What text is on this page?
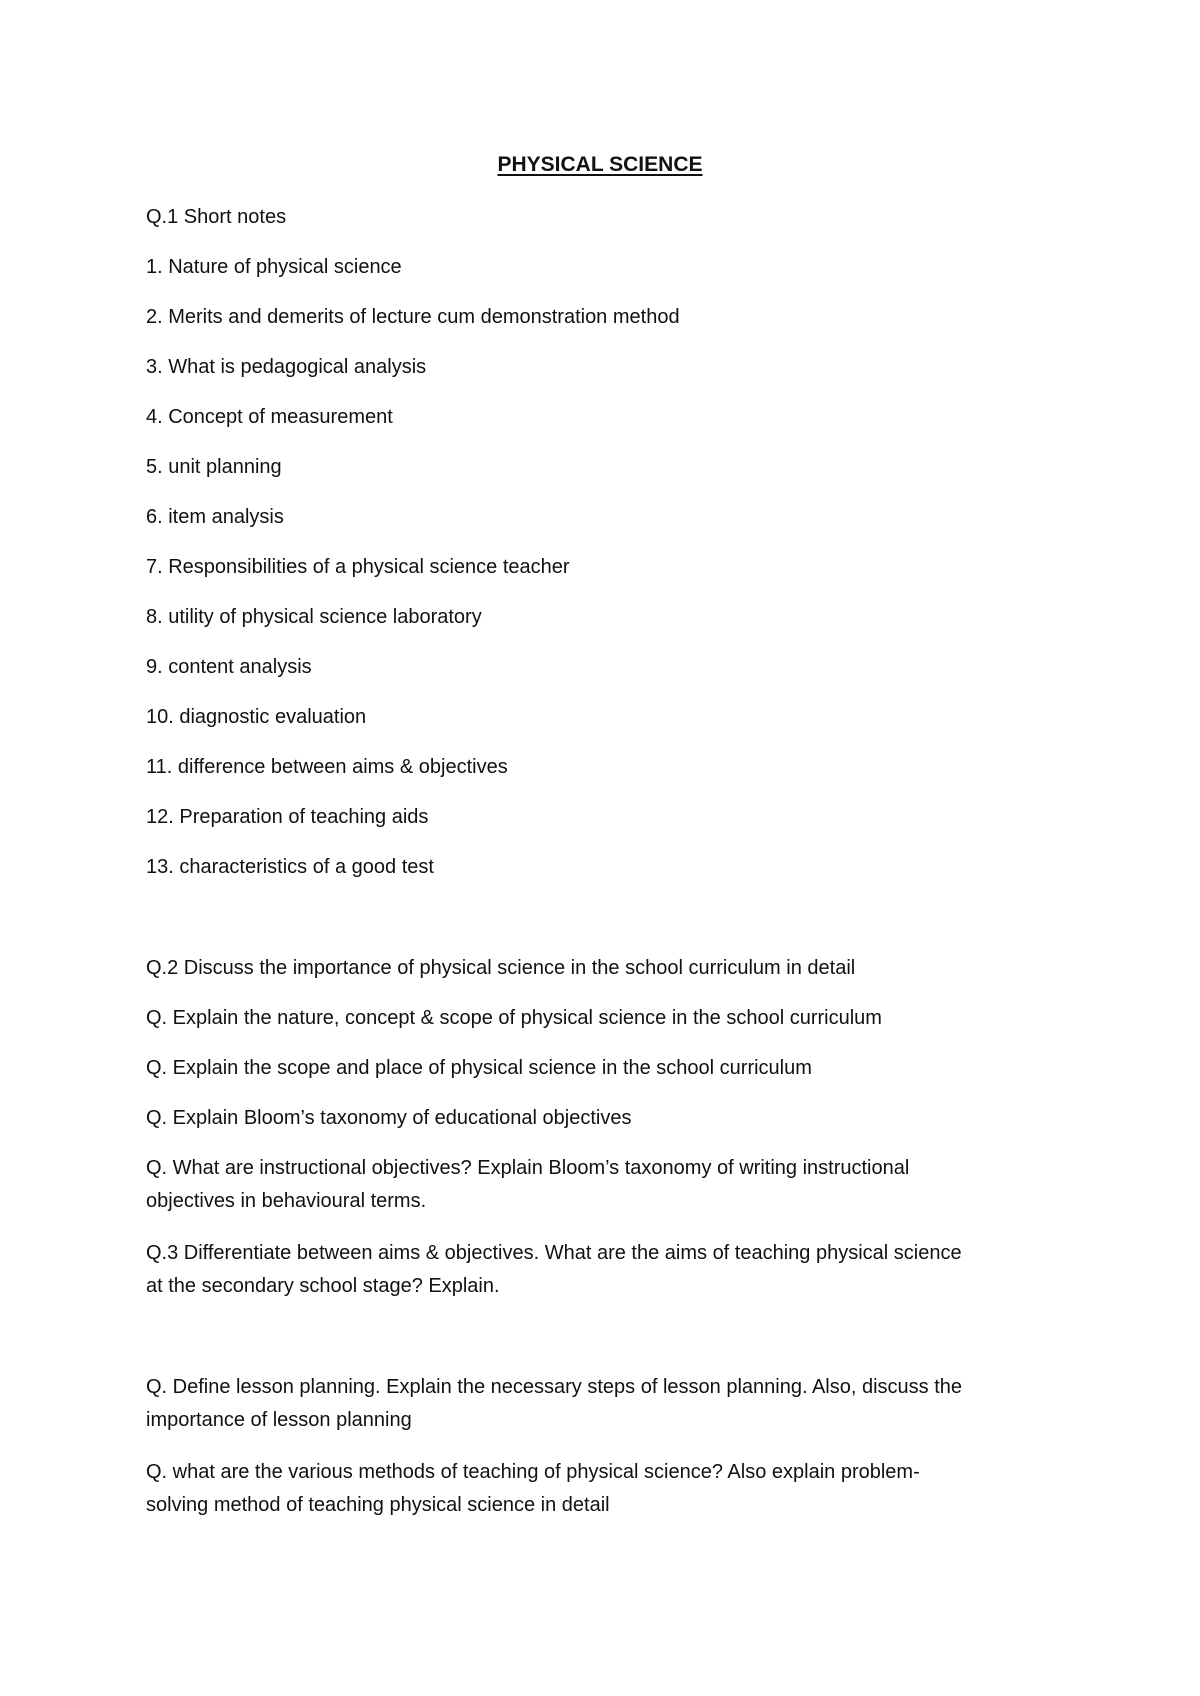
PHYSICAL SCIENCE
Q.1 Short notes
1. Nature of physical science
2. Merits and demerits of lecture cum demonstration method
3. What is pedagogical analysis
4. Concept of measurement
5. unit planning
6. item analysis
7. Responsibilities of a physical science teacher
8. utility of physical science laboratory
9. content analysis
10. diagnostic evaluation
11. difference between aims & objectives
12. Preparation of teaching aids
13. characteristics of a good test
Q.2 Discuss the importance of physical science in the school curriculum in detail
Q. Explain the nature, concept & scope of physical science in the school curriculum
Q. Explain the scope and place of physical science in the school curriculum
Q. Explain Bloom’s taxonomy of educational objectives
Q. What are instructional objectives? Explain Bloom’s taxonomy of writing instructional
objectives in behavioural terms.
Q.3 Differentiate between aims & objectives. What are the aims of teaching physical science
at the secondary school stage? Explain.
Q. Define lesson planning. Explain the necessary steps of lesson planning. Also, discuss the
importance of lesson planning
Q. what are the various methods of teaching of physical science? Also explain problem-
solving method of teaching physical science in detail
